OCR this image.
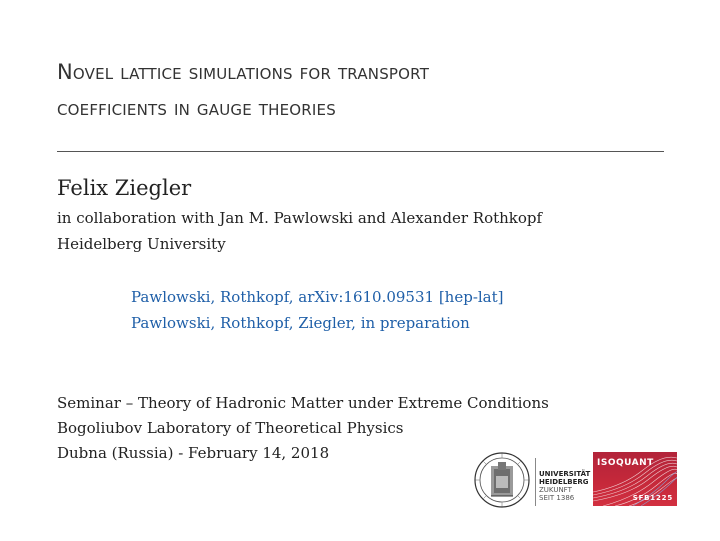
Novel lattice simulations for transport
coefficients in gauge theories
Felix Ziegler
in collaboration with Jan M. Pawlowski and Alexander Rothkopf
Heidelberg University
Pawlowski, Rothkopf, arXiv:1610.09531 [hep-lat]
Pawlowski, Rothkopf, Ziegler, in preparation
Seminar – Theory of Hadronic Matter under Extreme Conditions
Bogoliubov Laboratory of Theoretical Physics
Dubna (Russia) - February 14, 2018
UNIVERSITÄT
HEIDELBERG
ZUKUNFT
SEIT 1386
ISOQUANT
SFB1225
